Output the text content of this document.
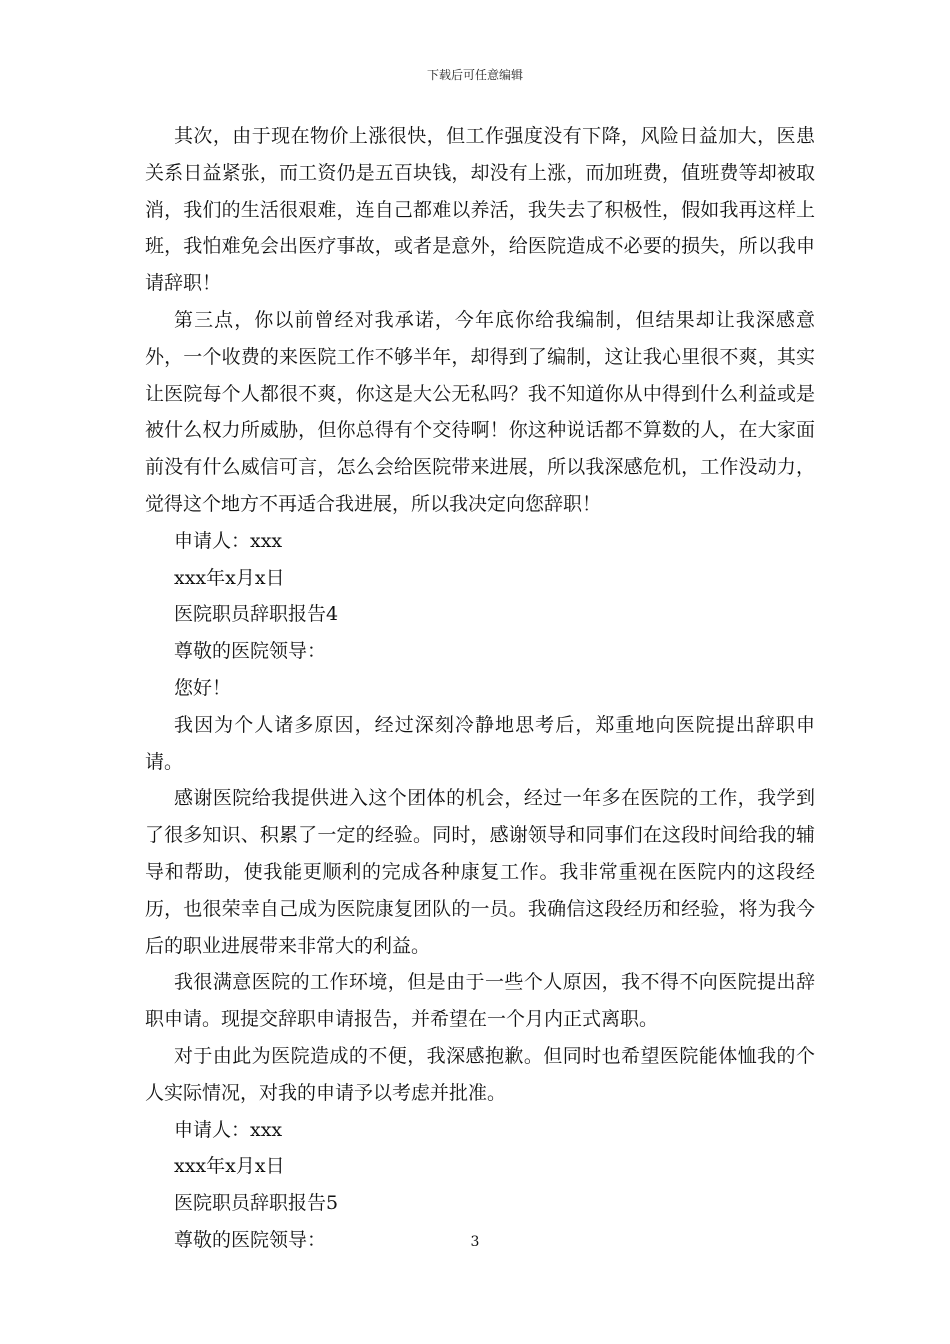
下载后可任意编辑

其次，由于现在物价上涨很快，但工作强度没有下降，风险日益加大，医患关系日益紧张，而工资仍是五百块钱，却没有上涨，而加班费，值班费等却被取消，我们的生活很艰难，连自己都难以养活，我失去了积极性，假如我再这样上班，我怕难免会出医疗事故，或者是意外，给医院造成不必要的损失，所以我申请辞职！

第三点，你以前曾经对我承诺，今年底你给我编制，但结果却让我深感意外，一个收费的来医院工作不够半年，却得到了编制，这让我心里很不爽，其实让医院每个人都很不爽，你这是大公无私吗？我不知道你从中得到什么利益或是被什么权力所威胁，但你总得有个交待啊！你这种说话都不算数的人，在大家面前没有什么威信可言，怎么会给医院带来进展，所以我深感危机，工作没动力，觉得这个地方不再适合我进展，所以我决定向您辞职！

申请人：xxx

xxx年x月x日

医院职员辞职报告4

尊敬的医院领导：

您好！

我因为个人诸多原因，经过深刻冷静地思考后，郑重地向医院提出辞职申请。

感谢医院给我提供进入这个团体的机会，经过一年多在医院的工作，我学到了很多知识、积累了一定的经验。同时，感谢领导和同事们在这段时间给我的辅导和帮助，使我能更顺利的完成各种康复工作。我非常重视在医院内的这段经历，也很荣幸自己成为医院康复团队的一员。我确信这段经历和经验，将为我今后的职业进展带来非常大的利益。

我很满意医院的工作环境，但是由于一些个人原因，我不得不向医院提出辞职申请。现提交辞职申请报告，并希望在一个月内正式离职。

对于由此为医院造成的不便，我深感抱歉。但同时也希望医院能体恤我的个人实际情况，对我的申请予以考虑并批准。

申请人：xxx

xxx年x月x日

医院职员辞职报告5

尊敬的医院领导：	3
